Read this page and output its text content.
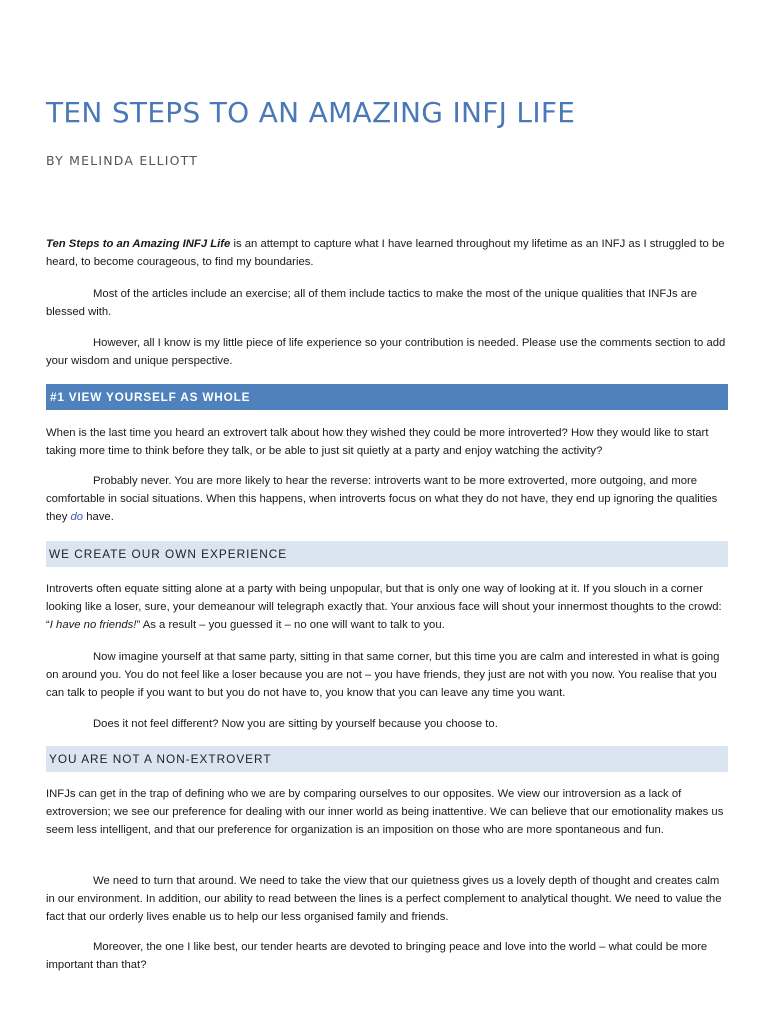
TEN STEPS TO AN AMAZING INFJ LIFE
BY MELINDA ELLIOTT

Ten Steps to an Amazing INFJ Life is an attempt to capture what I have learned throughout my lifetime as an INFJ as I struggled to be heard, to become courageous, to find my boundaries.

Most of the articles include an exercise; all of them include tactics to make the most of the unique qualities that INFJs are blessed with.

However, all I know is my little piece of life experience so your contribution is needed. Please use the comments section to add your wisdom and unique perspective.

#1 VIEW YOURSELF AS WHOLE

When is the last time you heard an extrovert talk about how they wished they could be more introverted? How they would like to start taking more time to think before they talk, or be able to just sit quietly at a party and enjoy watching the activity?

Probably never. You are more likely to hear the reverse: introverts want to be more extroverted, more outgoing, and more comfortable in social situations. When this happens, when introverts focus on what they do not have, they end up ignoring the qualities they do have.

WE CREATE OUR OWN EXPERIENCE

Introverts often equate sitting alone at a party with being unpopular, but that is only one way of looking at it. If you slouch in a corner looking like a loser, sure, your demeanour will telegraph exactly that. Your anxious face will shout your innermost thoughts to the crowd: “I have no friends!” As a result – you guessed it – no one will want to talk to you.

Now imagine yourself at that same party, sitting in that same corner, but this time you are calm and interested in what is going on around you. You do not feel like a loser because you are not – you have friends, they just are not with you now. You realise that you can talk to people if you want to but you do not have to, you know that you can leave any time you want.

Does it not feel different? Now you are sitting by yourself because you choose to.

YOU ARE NOT A NON-EXTROVERT

INFJs can get in the trap of defining who we are by comparing ourselves to our opposites. We view our introversion as a lack of extroversion; we see our preference for dealing with our inner world as being inattentive. We can believe that our emotionality makes us seem less intelligent, and that our preference for organization is an imposition on those who are more spontaneous and fun.

We need to turn that around. We need to take the view that our quietness gives us a lovely depth of thought and creates calm in our environment. In addition, our ability to read between the lines is a perfect complement to analytical thought. We need to value the fact that our orderly lives enable us to help our less organised family and friends.

Moreover, the one I like best, our tender hearts are devoted to bringing peace and love into the world – what could be more important than that?
